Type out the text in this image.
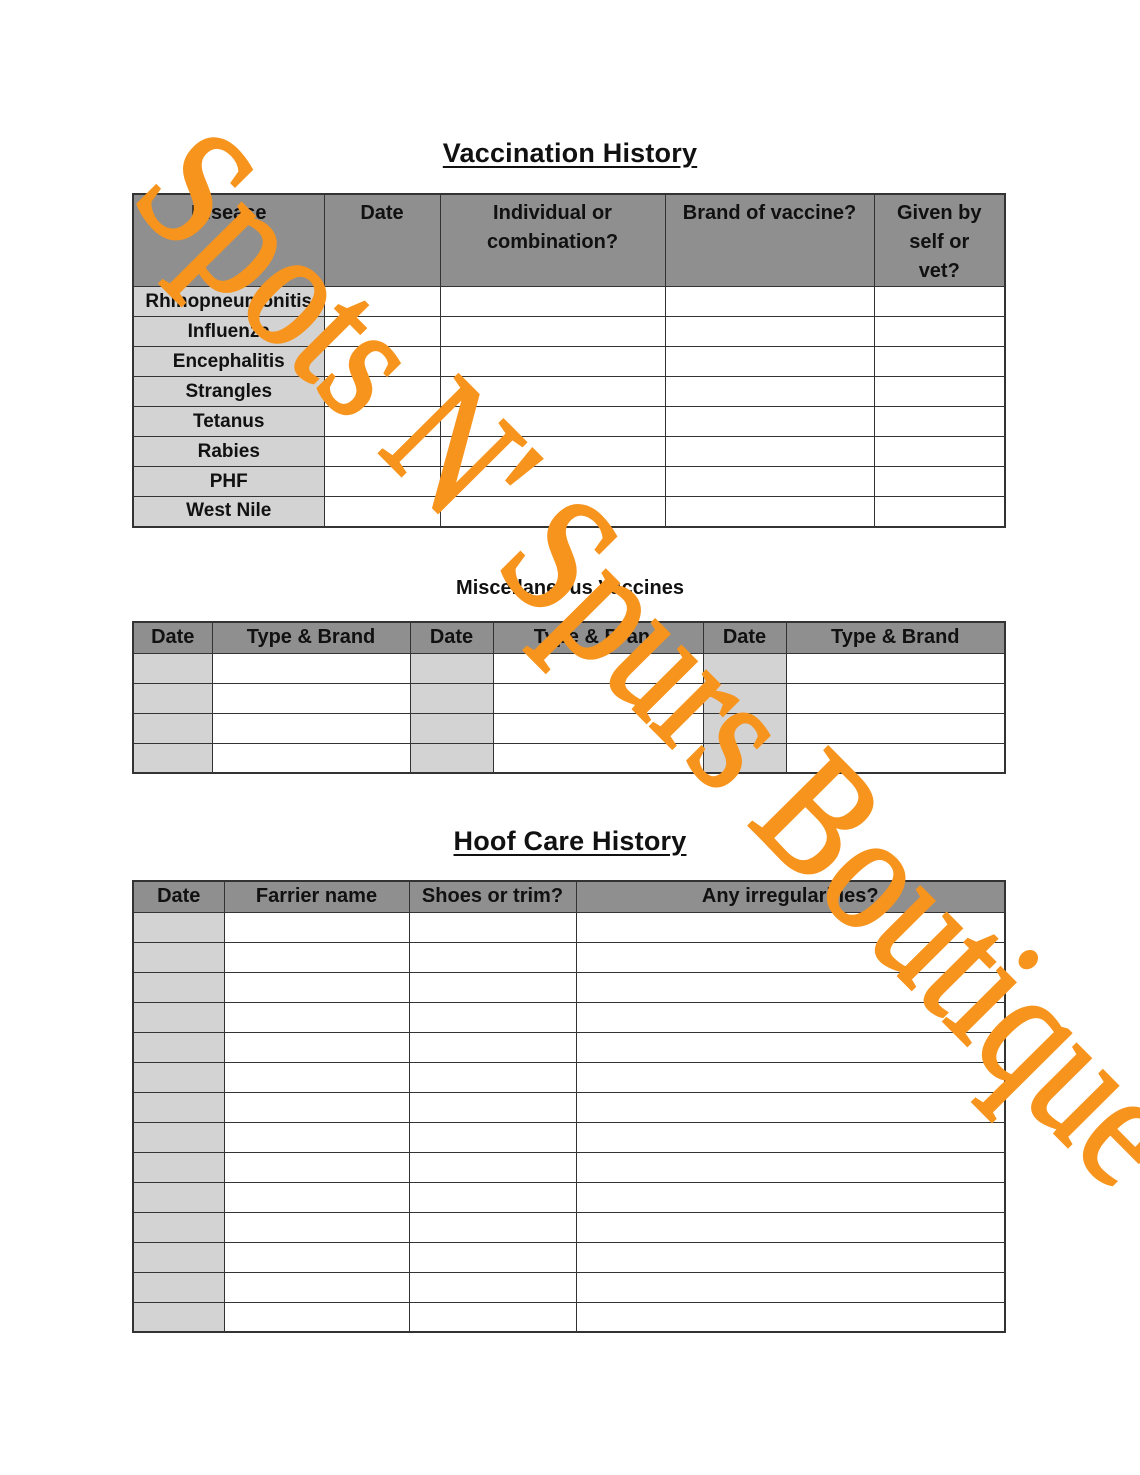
Vaccination History
Disease	Date	Individual or combination?	Brand of vaccine?	Given by self or vet?
Rhinopneumonitis				
Influenza				
Encephalitis				
Strangles				
Tetanus				
Rabies				
PHF				
West Nile				
Miscellaneous Vaccines
Date	Type & Brand	Date	Type & Brand	Date	Type & Brand

Hoof Care History
Date	Farrier name	Shoes or trim?	Any irregularities?
